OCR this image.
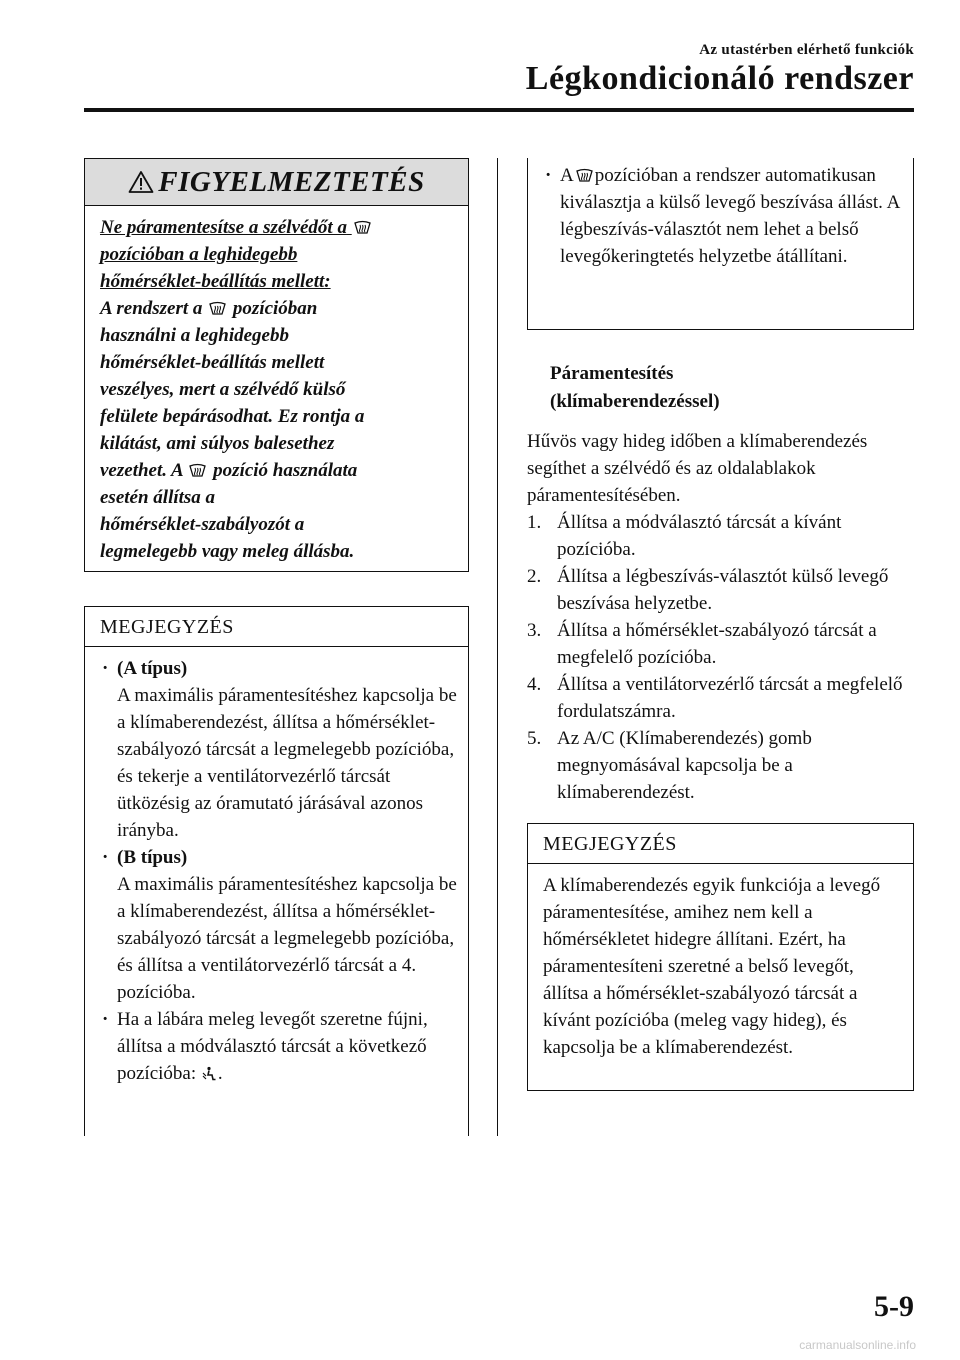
Az utastérben elérhető funkciók
Légkondicionáló rendszer
FIGYELMEZTETÉS
Ne páramentesítse a szélvédőt a
pozícióban a leghidegebb
hőmérséklet-beállítás mellett:
A rendszert a pozícióban
használni a leghidegebb
hőmérséklet-beállítás mellett
veszélyes, mert a szélvédő külső
felülete bepárásodhat. Ez rontja a
kilátást, ami súlyos balesethez
vezethet. A pozíció használata
esetén állítsa a
hőmérséklet-szabályozót a
legmelegebb vagy meleg állásba.
MEGJEGYZÉS
· (A típus)
A maximális páramentesítéshez kapcsolja be a klímaberendezést, állítsa a hőmérséklet-szabályozó tárcsát a legmelegebb pozícióba, és tekerje a ventilátorvezérlő tárcsát ütközésig az óramutató járásával azonos irányba.
· (B típus)
A maximális páramentesítéshez kapcsolja be a klímaberendezést, állítsa a hőmérséklet-szabályozó tárcsát a legmelegebb pozícióba, és állítsa a ventilátorvezérlő tárcsát a 4. pozícióba.
· Ha a lábára meleg levegőt szeretne fújni, állítsa a módválasztó tárcsát a következő pozícióba: .
· A pozícióban a rendszer automatikusan kiválasztja a külső levegő beszívása állást. A légbeszívás-választót nem lehet a belső levegőkeringtetés helyzetbe átállítani.
Páramentesítés
(klímaberendezéssel)
Hűvös vagy hideg időben a klímaberendezés segíthet a szélvédő és az oldalablakok páramentesítésében.
1. Állítsa a módválasztó tárcsát a kívánt pozícióba.
2. Állítsa a légbeszívás-választót külső levegő beszívása helyzetbe.
3. Állítsa a hőmérséklet-szabályozó tárcsát a megfelelő pozícióba.
4. Állítsa a ventilátorvezérlő tárcsát a megfelelő fordulatszámra.
5. Az A/C (Klímaberendezés) gomb megnyomásával kapcsolja be a klímaberendezést.
MEGJEGYZÉS
A klímaberendezés egyik funkciója a levegő páramentesítése, amihez nem kell a hőmérsékletet hidegre állítani. Ezért, ha páramentesíteni szeretné a belső levegőt, állítsa a hőmérséklet-szabályozó tárcsát a kívánt pozícióba (meleg vagy hideg), és kapcsolja be a klímaberendezést.
5-9
carmanualsonline.info
